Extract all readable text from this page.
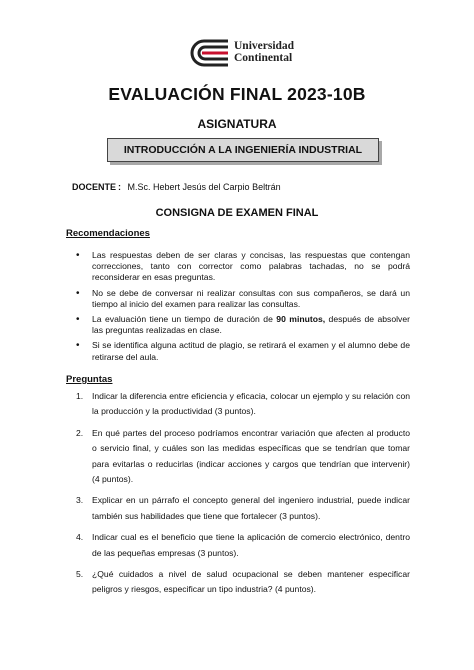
Universidad Continental
EVALUACIÓN FINAL 2023-10B
ASIGNATURA
INTRODUCCIÓN A LA INGENIERÍA INDUSTRIAL
DOCENTE : M.Sc. Hebert Jesús del Carpio Beltrán
CONSIGNA DE EXAMEN FINAL
Recomendaciones
• Las respuestas deben de ser claras y concisas, las respuestas que contengan correcciones, tanto con corrector como palabras tachadas, no se podrá reconsiderar en esas preguntas.
• No se debe de conversar ni realizar consultas con sus compañeros, se dará un tiempo al inicio del examen para realizar las consultas.
• La evaluación tiene un tiempo de duración de 90 minutos, después de absolver las preguntas realizadas en clase.
• Si se identifica alguna actitud de plagio, se retirará el examen y el alumno debe de retirarse del aula.
Preguntas
1. Indicar la diferencia entre eficiencia y eficacia, colocar un ejemplo y su relación con la producción y la productividad (3 puntos).
2. En qué partes del proceso podríamos encontrar variación que afecten al producto o servicio final, y cuáles son las medidas específicas que se tendrían que tomar para evitarlas o reducirlas (indicar acciones y cargos que tendrían que intervenir) (4 puntos).
3. Explicar en un párrafo el concepto general del ingeniero industrial, puede indicar también sus habilidades que tiene que fortalecer (3 puntos).
4. Indicar cual es el beneficio que tiene la aplicación de comercio electrónico, dentro de las pequeñas empresas (3 puntos).
5. ¿Qué cuidados a nivel de salud ocupacional se deben mantener especificar peligros y riesgos, especificar un tipo industria? (4 puntos).
